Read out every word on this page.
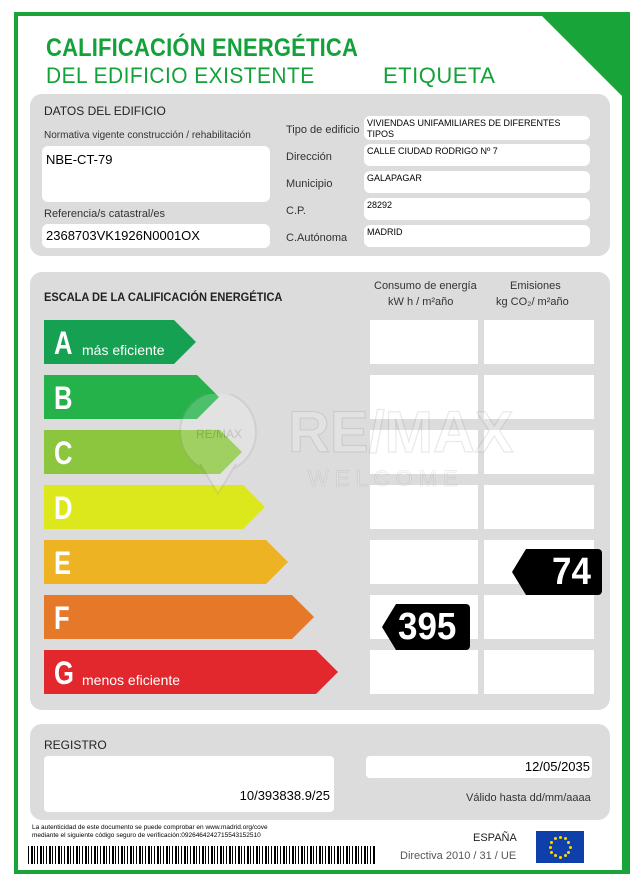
CALIFICACIÓN ENERGÉTICA
DEL EDIFICIO EXISTENTE	ETIQUETA
DATOS DEL EDIFICIO
Normativa vigente construcción / rehabilitación
NBE-CT-79
Referencia/s catastral/es
2368703VK1926N0001OX
Tipo de edificio
VIVIENDAS UNIFAMILIARES DE DIFERENTES TIPOS
Dirección	CALLE CIUDAD RODRIGO Nº 7
Municipio	GALAPAGAR
C.P.	28292
C.Autónoma MADRID
ESCALA DE LA CALIFICACIÓN ENERGÉTICA
Consumo de energía
kW h / m²año
Emisiones
kg CO₂/ m²año
A más eficiente
B
C
D
E
F
G menos eficiente
395
74
REGISTRO
10/393838.9/25
12/05/2035
Válido hasta dd/mm/aaaa
La autenticidad de este documento se puede comprobar en www.madrid.org/cove
mediante el siguiente código seguro de verificación:0926464242715543152510	ESPAÑA
Directiva 2010 / 31 / UE
